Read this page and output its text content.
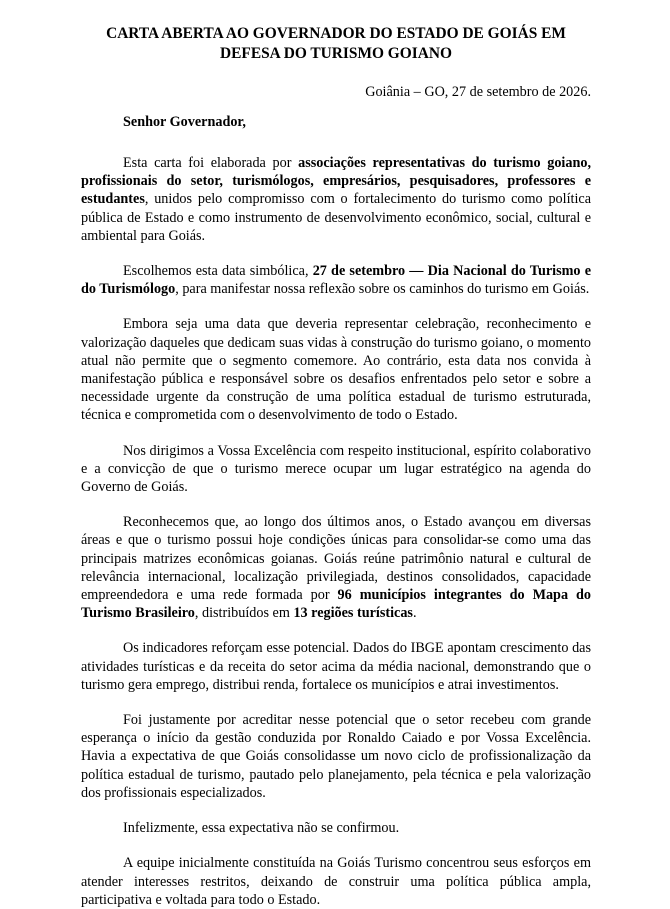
CARTA ABERTA AO GOVERNADOR DO ESTADO DE GOIÁS EM
DEFESA DO TURISMO GOIANO
Goiânia – GO, 27 de setembro de 2026.
Senhor Governador,

Esta carta foi elaborada por associações representativas do turismo goiano, profissionais do setor, turismólogos, empresários, pesquisadores, professores e estudantes, unidos pelo compromisso com o fortalecimento do turismo como política pública de Estado e como instrumento de desenvolvimento econômico, social, cultural e ambiental para Goiás.

Escolhemos esta data simbólica, 27 de setembro — Dia Nacional do Turismo e do Turismólogo, para manifestar nossa reflexão sobre os caminhos do turismo em Goiás.

Embora seja uma data que deveria representar celebração, reconhecimento e valorização daqueles que dedicam suas vidas à construção do turismo goiano, o momento atual não permite que o segmento comemore. Ao contrário, esta data nos convida à manifestação pública e responsável sobre os desafios enfrentados pelo setor e sobre a necessidade urgente da construção de uma política estadual de turismo estruturada, técnica e comprometida com o desenvolvimento de todo o Estado.

Nos dirigimos a Vossa Excelência com respeito institucional, espírito colaborativo e a convicção de que o turismo merece ocupar um lugar estratégico na agenda do Governo de Goiás.

Reconhecemos que, ao longo dos últimos anos, o Estado avançou em diversas áreas e que o turismo possui hoje condições únicas para consolidar-se como uma das principais matrizes econômicas goianas. Goiás reúne patrimônio natural e cultural de relevância internacional, localização privilegiada, destinos consolidados, capacidade empreendedora e uma rede formada por 96 municípios integrantes do Mapa do Turismo Brasileiro, distribuídos em 13 regiões turísticas.

Os indicadores reforçam esse potencial. Dados do IBGE apontam crescimento das atividades turísticas e da receita do setor acima da média nacional, demonstrando que o turismo gera emprego, distribui renda, fortalece os municípios e atrai investimentos.

Foi justamente por acreditar nesse potencial que o setor recebeu com grande esperança o início da gestão conduzida por Ronaldo Caiado e por Vossa Excelência. Havia a expectativa de que Goiás consolidasse um novo ciclo de profissionalização da política estadual de turismo, pautado pelo planejamento, pela técnica e pela valorização dos profissionais especializados.

Infelizmente, essa expectativa não se confirmou.

A equipe inicialmente constituída na Goiás Turismo concentrou seus esforços em atender interesses restritos, deixando de construir uma política pública ampla, participativa e voltada para todo o Estado.
